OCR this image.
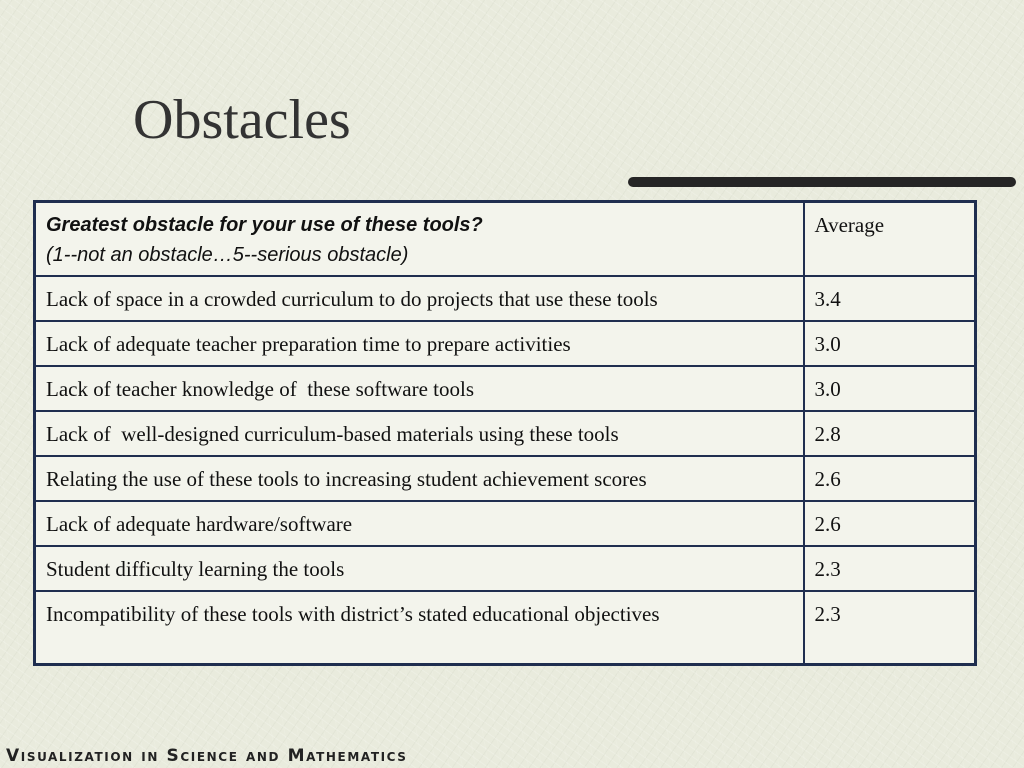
Obstacles
Greatest obstacle for your use of these tools?
(1--not an obstacle…5--serious obstacle)	Average
Lack of space in a crowded curriculum to do projects that use these tools	3.4
Lack of adequate teacher preparation time to prepare activities	3.0
Lack of teacher knowledge of  these software tools	3.0
Lack of  well-designed curriculum-based materials using these tools	2.8
Relating the use of these tools to increasing student achievement scores	2.6
Lack of adequate hardware/software	2.6
Student difficulty learning the tools	2.3
Incompatibility of these tools with district’s stated educational objectives	2.3
Visualization in Science and Mathematics
